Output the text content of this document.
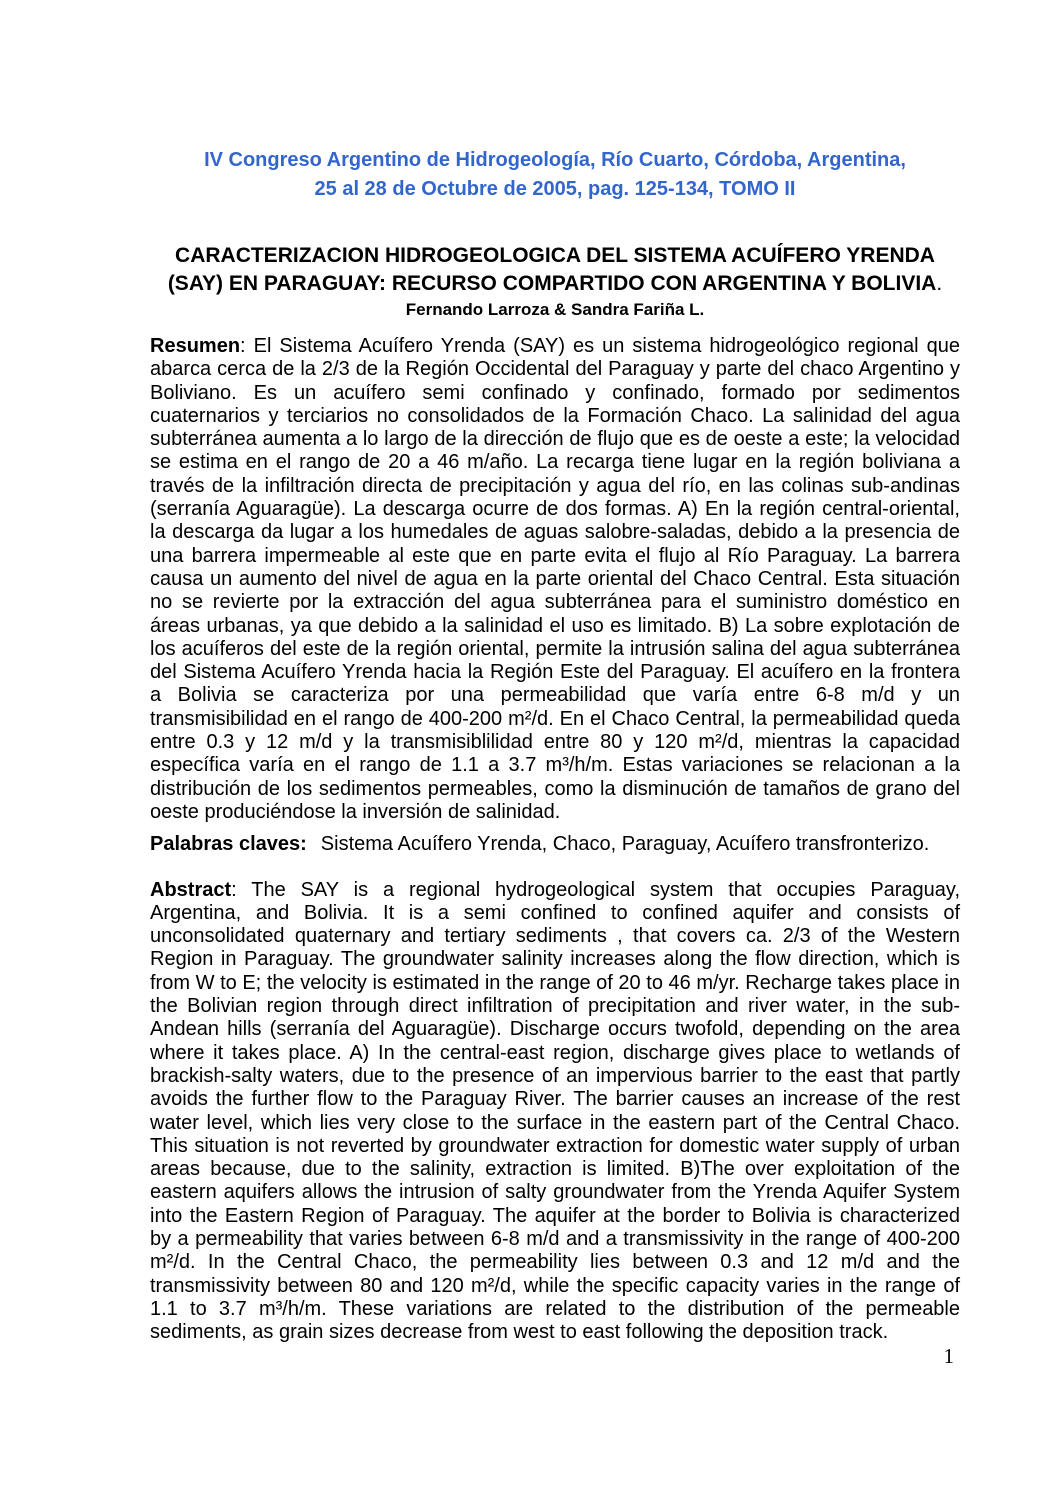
IV Congreso Argentino de Hidrogeología, Río Cuarto, Córdoba, Argentina,
25 al 28 de Octubre de 2005, pag. 125-134, TOMO II
CARACTERIZACION HIDROGEOLOGICA DEL SISTEMA ACUÍFERO YRENDA (SAY) EN PARAGUAY: RECURSO COMPARTIDO CON ARGENTINA Y BOLIVIA.
Fernando Larroza & Sandra Fariña L.

Resumen: El Sistema Acuífero Yrenda (SAY) es un sistema hidrogeológico regional que abarca cerca de la 2/3 de la Región Occidental del Paraguay y parte del chaco Argentino y Boliviano. Es un acuífero semi confinado y confinado, formado por sedimentos cuaternarios y terciarios no consolidados de la Formación Chaco. La salinidad del agua subterránea aumenta a lo largo de la dirección de flujo que es de oeste a este; la velocidad se estima en el rango de 20 a 46 m/año. La recarga tiene lugar en la región boliviana a través de la infiltración directa de precipitación y agua del río, en las colinas sub-andinas (serranía Aguaragüe). La descarga ocurre de dos formas. A) En la región central-oriental, la descarga da lugar a los humedales de aguas salobre-saladas, debido a la presencia de una barrera impermeable al este que en parte evita el flujo al Río Paraguay. La barrera causa un aumento del nivel de agua en la parte oriental del Chaco Central. Esta situación no se revierte por la extracción del agua subterránea para el suministro doméstico en áreas urbanas, ya que debido a la salinidad el uso es limitado. B) La sobre explotación de los acuíferos del este de la región oriental, permite la intrusión salina del agua subterránea del Sistema Acuífero Yrenda hacia la Región Este del Paraguay. El acuífero en la frontera a Bolivia se caracteriza por una permeabilidad que varía entre 6-8 m/d y un transmisibilidad en el rango de 400-200 m²/d. En el Chaco Central, la permeabilidad queda entre 0.3 y 12 m/d y la transmisiblilidad entre 80 y 120 m²/d, mientras la capacidad específica varía en el rango de 1.1 a 3.7 m³/h/m. Estas variaciones se relacionan a la distribución de los sedimentos permeables, como la disminución de tamaños de grano del oeste produciéndose la inversión de salinidad.

Palabras claves: Sistema Acuífero Yrenda, Chaco, Paraguay, Acuífero transfronterizo.

Abstract: The SAY is a regional hydrogeological system that occupies Paraguay, Argentina, and Bolivia. It is a semi confined to confined aquifer and consists of unconsolidated quaternary and tertiary sediments , that covers ca. 2/3 of the Western Region in Paraguay. The groundwater salinity increases along the flow direction, which is from W to E; the velocity is estimated in the range of 20 to 46 m/yr. Recharge takes place in the Bolivian region through direct infiltration of precipitation and river water, in the sub-Andean hills (serranía del Aguaragüe). Discharge occurs twofold, depending on the area where it takes place. A) In the central-east region, discharge gives place to wetlands of brackish-salty waters, due to the presence of an impervious barrier to the east that partly avoids the further flow to the Paraguay River. The barrier causes an increase of the rest water level, which lies very close to the surface in the eastern part of the Central Chaco. This situation is not reverted by groundwater extraction for domestic water supply of urban areas because, due to the salinity, extraction is limited. B)The over exploitation of the eastern aquifers allows the intrusion of salty groundwater from the Yrenda Aquifer System into the Eastern Region of Paraguay. The aquifer at the border to Bolivia is characterized by a permeability that varies between 6-8 m/d and a transmissivity in the range of 400-200 m²/d. In the Central Chaco, the permeability lies between 0.3 and 12 m/d and the transmissivity between 80 and 120 m²/d, while the specific capacity varies in the range of 1.1 to 3.7 m³/h/m. These variations are related to the distribution of the permeable sediments, as grain sizes decrease from west to east following the deposition track.

1
